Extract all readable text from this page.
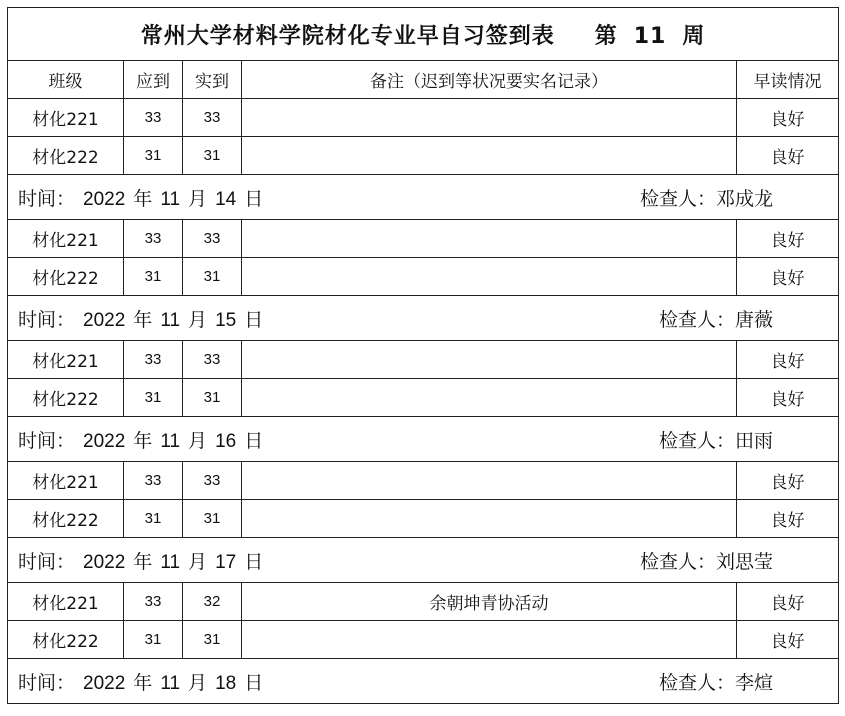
常州大学材料学院材化专业早自习签到表 第 11 周				
班级	应到	实到	备注（迟到等状况要实名记录）	早读情况
材化221	33	33		良好
材化222	31	31		良好

时间： 2022 年 11 月 14 日 检查人：邓成龙				

材化221	33	33		良好
材化222	31	31		良好

时间： 2022 年 11 月 15 日 检查人：唐薇				

材化221	33	33		良好
材化222	31	31		良好

时间： 2022 年 11 月 16 日 检查人：田雨				

材化221	33	33		良好
材化222	31	31		良好

时间： 2022 年 11 月 17 日 检查人：刘思莹				

材化221	33	32	余朝坤青协活动	良好
材化222	31	31		良好

时间： 2022 年 11 月 18 日 检查人：李煊				
